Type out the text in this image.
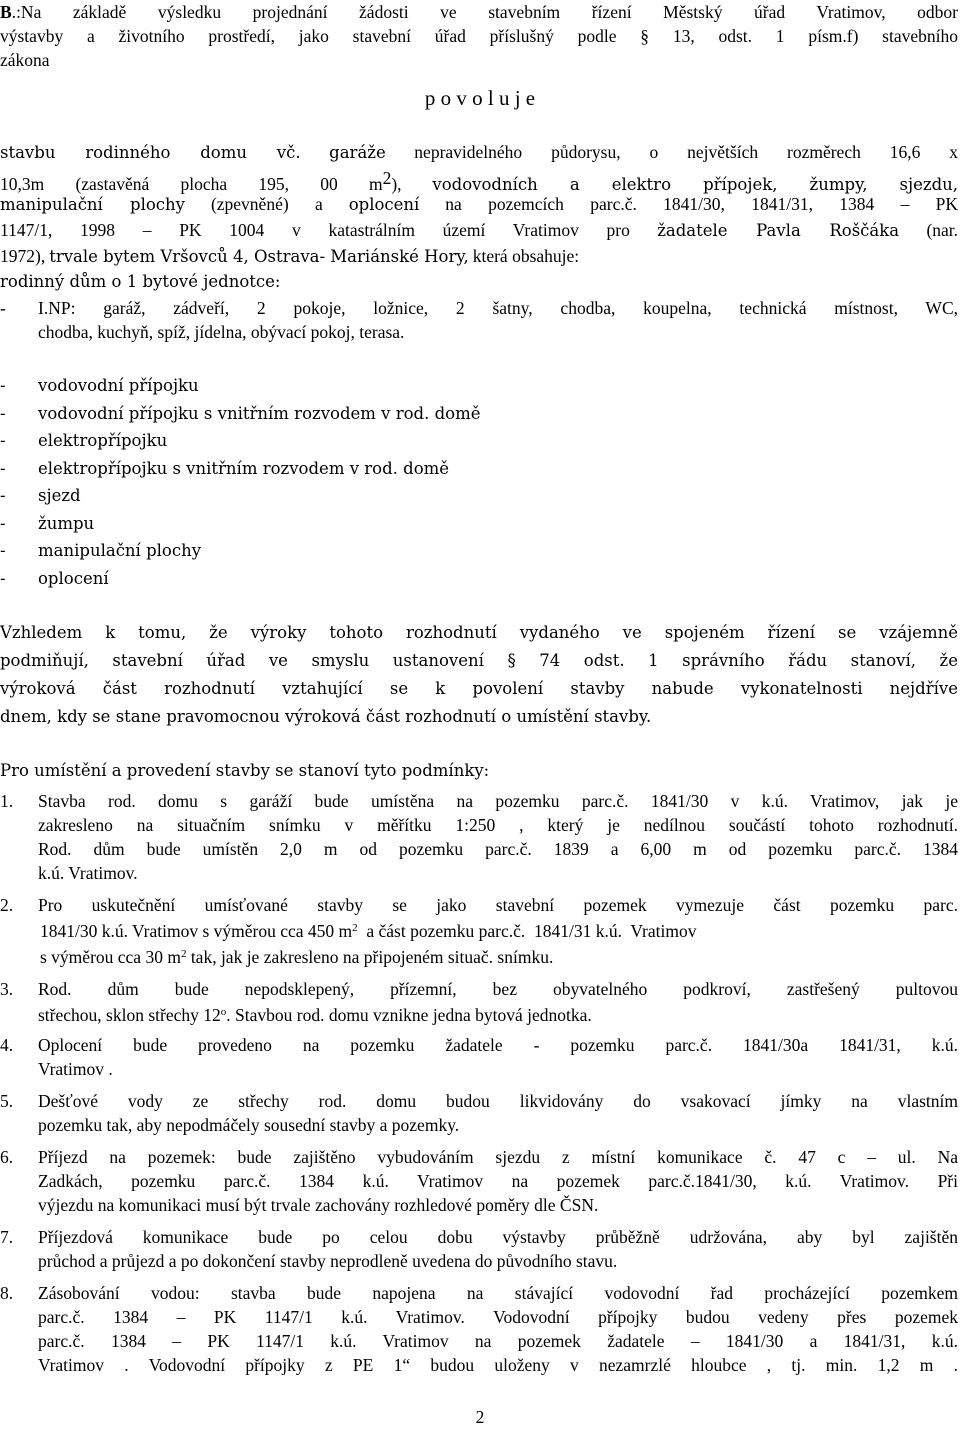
B.:Na základě výsledku projednání žádosti ve stavebním řízení Městský úřad Vratimov, odbor
výstavby a životního prostředí, jako stavební úřad příslušný podle § 13, odst. 1 písm.f) stavebního
zákona
p o v o l u j e
stavbu rodinného domu vč. garáže nepravidelného půdorysu, o největších rozměrech 16,6 x
10,3m (zastavěná plocha 195, 00 $m^2$), vodovodních a elektro přípojek, žumpy, sjezdu,
manipulační plochy (zpevněné) a oplocení na pozemcích parc.č. 1841/30, 1841/31, 1384 – PK
1147/1, 1998 – PK 1004 v katastrálním území Vratimov pro žadatele Pavla Roščáka (nar.
1972), trvale bytem Vršovců 4, Ostrava- Mariánské Hory, která obsahuje:
rodinný dům o 1 bytové jednotce:
- I.NP: garáž, zádveří, 2 pokoje, ložnice, 2 šatny, chodba, koupelna, technická místnost, WC,
chodba, kuchyň, spíž, jídelna, obývací pokoj, terasa.
- vodovodní přípojku
- vodovodní přípojku s vnitřním rozvodem v rod. domě
- elektropřípojku
- elektropřípojku s vnitřním rozvodem v rod. domě
- sjezd
- žumpu
- manipulační plochy
- oplocení
Vzhledem k tomu, že výroky tohoto rozhodnutí vydaného ve spojeném řízení se vzájemně
podmiňují, stavební úřad ve smyslu ustanovení § 74 odst. 1 správního řádu stanoví, že
výroková část rozhodnutí vztahující se k povolení stavby nabude vykonatelnosti nejdříve
dnem, kdy se stane pravomocnou výroková část rozhodnutí o umístění stavby.
Pro umístění a provedení stavby se stanoví tyto podmínky:
1. Stavba rod. domu s garáží bude umístěna na pozemku parc.č. 1841/30 v k.ú. Vratimov, jak je
zakresleno na situačním snímku v měřítku 1:250 , který je nedílnou součástí tohoto rozhodnutí.
Rod. dům bude umístěn 2,0 m od pozemku parc.č. 1839 a 6,00 m od pozemku parc.č. 1384
k.ú. Vratimov.
2. Pro uskutečnění umísťované stavby se jako stavební pozemek vymezuje část pozemku parc.
1841/30 k.ú. Vratimov s výměrou cca 450 $m^2$  a část pozemku parc.č.  1841/31 k.ú.  Vratimov
s výměrou cca 30 $m^2$ tak, jak je zakresleno na připojeném situač. snímku.
3. Rod. dům bude nepodsklepený, přízemní, bez obyvatelného podkroví, zastřešený pultovou
střechou, sklon střechy 12$^o$. Stavbou rod. domu vznikne jedna bytová jednotka.
4. Oplocení bude provedeno na pozemku žadatele - pozemku parc.č. 1841/30a 1841/31, k.ú.
Vratimov .
5. Dešťové vody ze střechy rod. domu budou likvidovány do vsakovací jímky na vlastním
pozemku tak, aby nepodmáčely sousední stavby a pozemky.
6. Příjezd na pozemek: bude zajištěno vybudováním sjezdu z místní komunikace č. 47 c – ul. Na
Zadkách, pozemku parc.č. 1384 k.ú. Vratimov na pozemek parc.č.1841/30, k.ú. Vratimov. Při
výjezdu na komunikaci musí být trvale zachovány rozhledové poměry dle ČSN.
7. Příjezdová komunikace bude po celou dobu výstavby průběžně udržována, aby byl zajištěn
průchod a průjezd a po dokončení stavby neprodleně uvedena do původního stavu.
8. Zásobování vodou: stavba bude napojena na stávající vodovodní řad procházející pozemkem
parc.č. 1384 – PK 1147/1 k.ú. Vratimov. Vodovodní přípojky budou vedeny přes pozemek
parc.č. 1384 – PK 1147/1 k.ú. Vratimov na pozemek žadatele – 1841/30 a 1841/31, k.ú.
Vratimov . Vodovodní přípojky z PE 1“ budou uloženy v nezamrzlé hloubce , tj. min. 1,2 m .
2
